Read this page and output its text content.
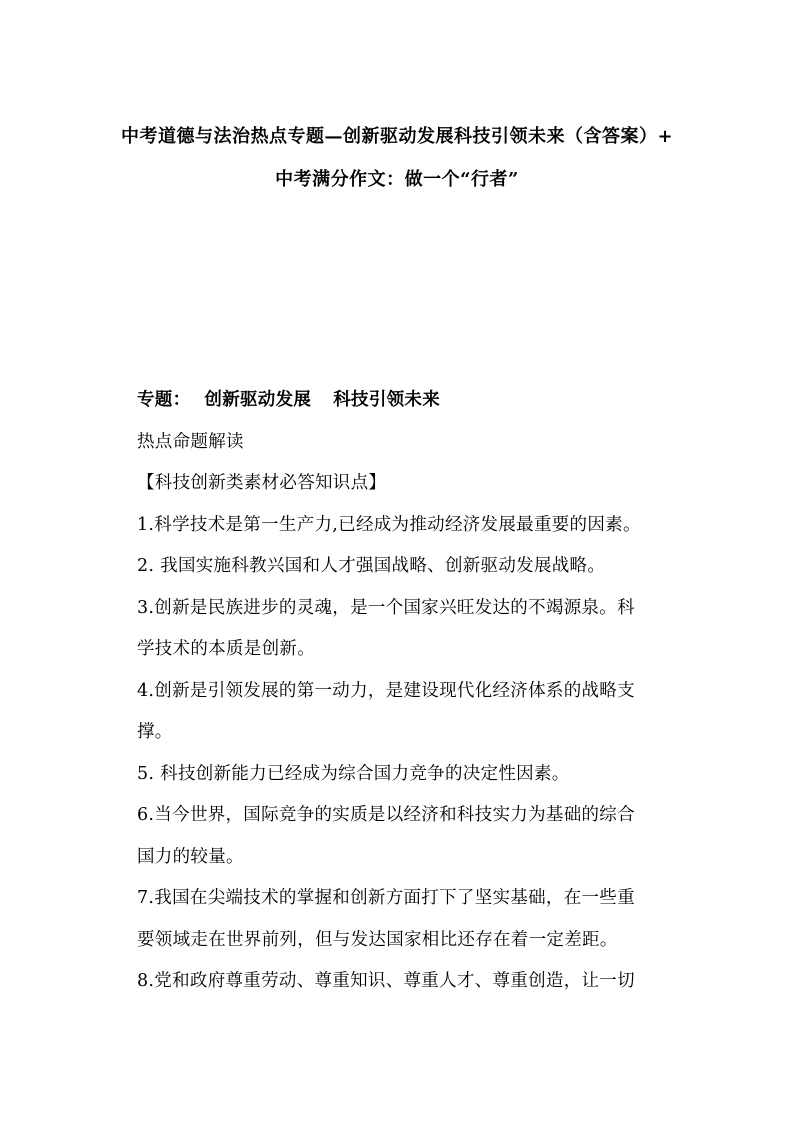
中考道德与法治热点专题—创新驱动发展科技引领未来（含答案）+
中考满分作文：做一个“行者”
专题： 创新驱动发展 科技引领未来
热点命题解读
【科技创新类素材必答知识点】
1.科学技术是第一生产力,已经成为推动经济发展最重要的因素。
2. 我国实施科教兴国和人才强国战略、创新驱动发展战略。
3.创新是民族进步的灵魂，是一个国家兴旺发达的不竭源泉。科
学技术的本质是创新。
4.创新是引领发展的第一动力，是建设现代化经济体系的战略支
撑。
5. 科技创新能力已经成为综合国力竞争的决定性因素。
6.当今世界，国际竞争的实质是以经济和科技实力为基础的综合
国力的较量。
7.我国在尖端技术的掌握和创新方面打下了坚实基础，在一些重
要领域走在世界前列，但与发达国家相比还存在着一定差距。
8.党和政府尊重劳动、尊重知识、尊重人才、尊重创造，让一切
